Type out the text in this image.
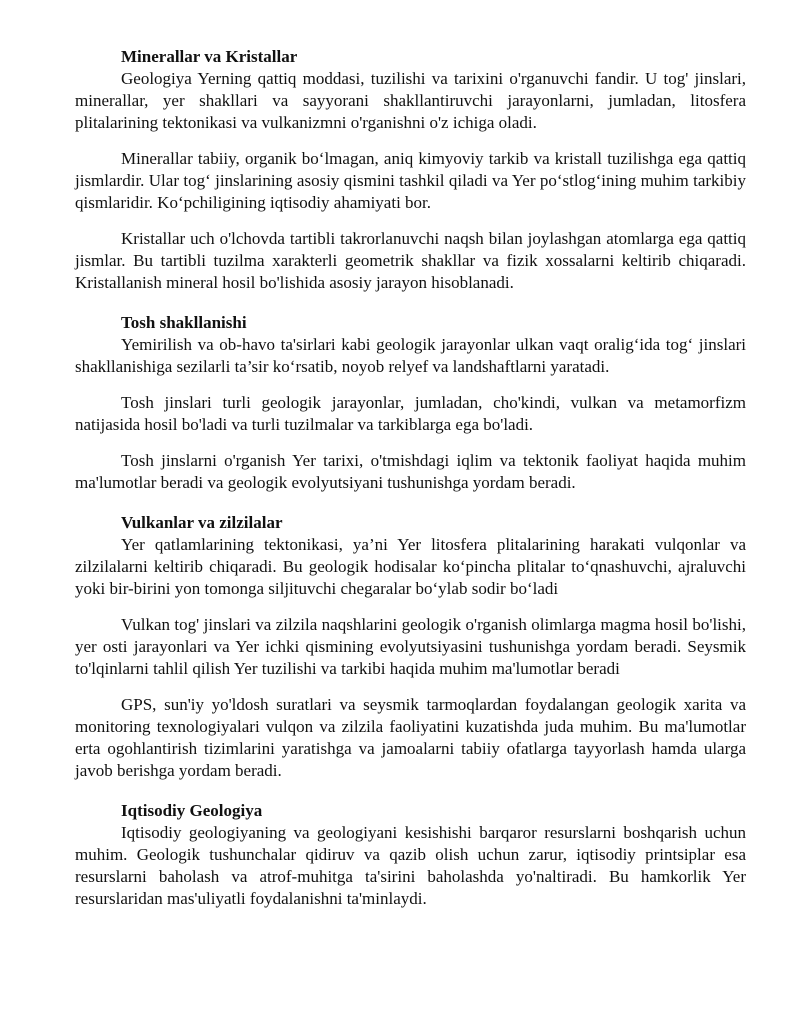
Minerallar va Kristallar

Geologiya Yerning qattiq moddasi, tuzilishi va tarixini o'rganuvchi fandir. U tog' jinslari, minerallar, yer shakllari va sayyorani shakllantiruvchi jarayonlarni, jumladan, litosfera plitalarining tektonikasi va vulkanizmni o'rganishni o'z ichiga oladi.

Minerallar tabiiy, organik bo‘lmagan, aniq kimyoviy tarkib va kristall tuzilishga ega qattiq jismlardir. Ular tog‘ jinslarining asosiy qismini tashkil qiladi va Yer po‘stlog‘ining muhim tarkibiy qismlaridir. Ko‘pchiligining iqtisodiy ahamiyati bor.

Kristallar uch o'lchovda tartibli takrorlanuvchi naqsh bilan joylashgan atomlarga ega qattiq jismlar. Bu tartibli tuzilma xarakterli geometrik shakllar va fizik xossalarni keltirib chiqaradi. Kristallanish mineral hosil bo'lishida asosiy jarayon hisoblanadi.

Tosh shakllanishi

Yemirilish va ob-havo ta'sirlari kabi geologik jarayonlar ulkan vaqt oralig‘ida tog‘ jinslari shakllanishiga sezilarli ta’sir ko‘rsatib, noyob relyef va landshaftlarni yaratadi.

Tosh jinslari turli geologik jarayonlar, jumladan, cho'kindi, vulkan va metamorfizm natijasida hosil bo'ladi va turli tuzilmalar va tarkiblarga ega bo'ladi.

Tosh jinslarni o'rganish Yer tarixi, o'tmishdagi iqlim va tektonik faoliyat haqida muhim ma'lumotlar beradi va geologik evolyutsiyani tushunishga yordam beradi.

Vulkanlar va zilzilalar

Yer qatlamlarining tektonikasi, ya’ni Yer litosfera plitalarining harakati vulqonlar va zilzilalarni keltirib chiqaradi. Bu geologik hodisalar ko‘pincha plitalar to‘qnashuvchi, ajraluvchi yoki bir-birini yon tomonga siljituvchi chegaralar bo‘ylab sodir bo‘ladi

Vulkan tog' jinslari va zilzila naqshlarini geologik o'rganish olimlarga magma hosil bo'lishi, yer osti jarayonlari va Yer ichki qismining evolyutsiyasini tushunishga yordam beradi. Seysmik to'lqinlarni tahlil qilish Yer tuzilishi va tarkibi haqida muhim ma'lumotlar beradi

GPS, sun'iy yo'ldosh suratlari va seysmik tarmoqlardan foydalangan geologik xarita va monitoring texnologiyalari vulqon va zilzila faoliyatini kuzatishda juda muhim. Bu ma'lumotlar erta ogohlantirish tizimlarini yaratishga va jamoalarni tabiiy ofatlarga tayyorlash hamda ularga javob berishga yordam beradi.

Iqtisodiy Geologiya

Iqtisodiy geologiyaning va geologiyani kesishishi barqaror resurslarni boshqarish uchun muhim. Geologik tushunchalar qidiruv va qazib olish uchun zarur, iqtisodiy printsiplar esa resurslarni baholash va atrof-muhitga ta'sirini baholashda yo'naltiradi. Bu hamkorlik Yer resurslaridan mas'uliyatli foydalanishni ta'minlaydi.
